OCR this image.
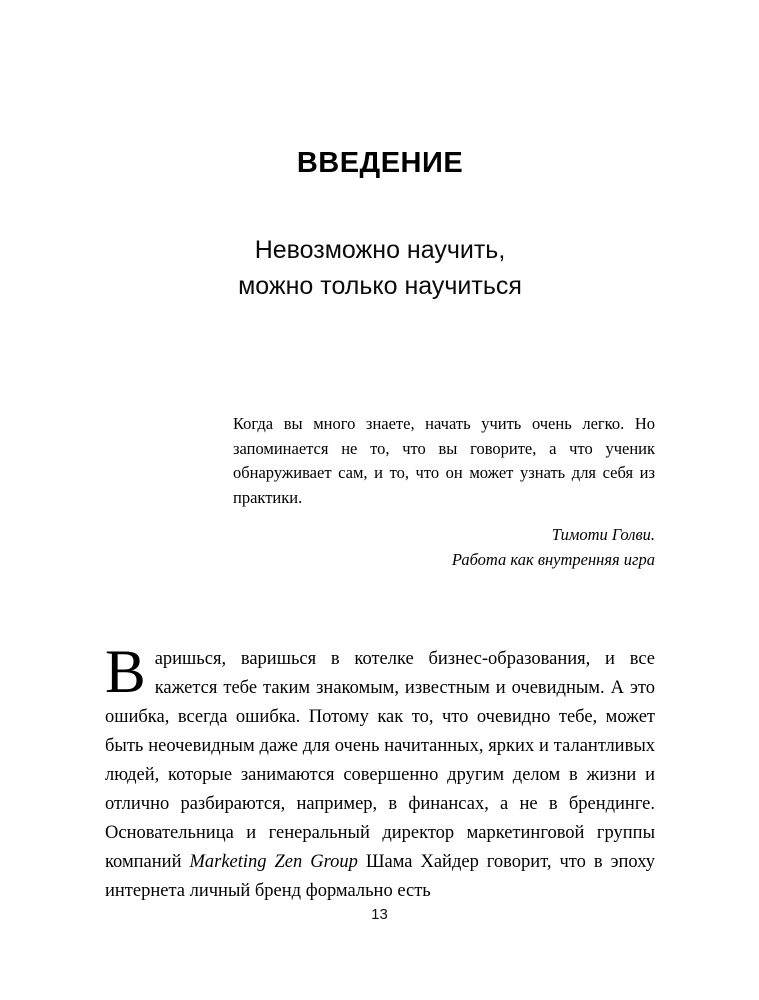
ВВЕДЕНИЕ
Невозможно научить,
можно только научиться

Когда вы много знаете, начать учить очень легко. Но запоминается не то, что вы говорите, а что ученик обнаруживает сам, и то, что он может узнать для себя из практики.

Тимоти Голви.
Работа как внутренняя игра

Варишься, варишься в котелке бизнес-образования, и все кажется тебе таким знакомым, известным и очевидным. А это ошибка, всегда ошибка. Потому как то, что очевидно тебе, может быть неочевидным даже для очень начитанных, ярких и талантливых людей, которые занимаются совершенно другим делом в жизни и отлично разбираются, например, в финансах, а не в брендинге. Основательница и генеральный директор маркетинговой группы компаний Marketing Zen Group Шама Хайдер говорит, что в эпоху интернета личный бренд формально есть
13
